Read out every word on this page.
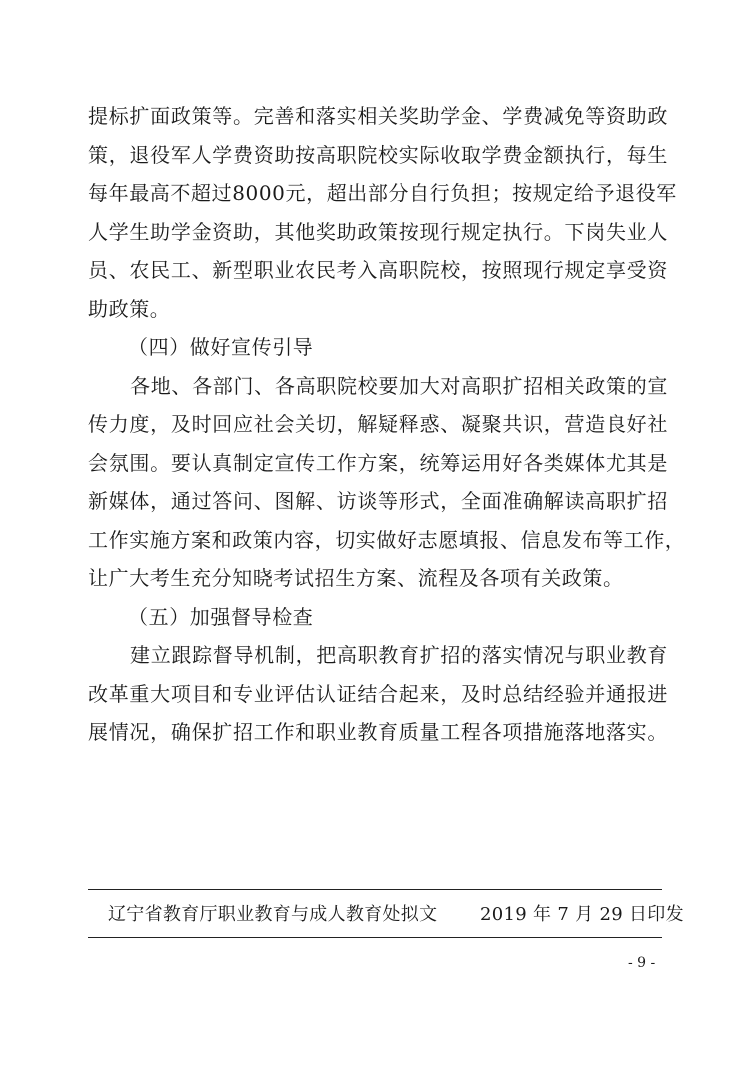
提标扩面政策等。完善和落实相关奖助学金、学费减免等资助政
策，退役军人学费资助按高职院校实际收取学费金额执行，每生
每年最高不超过8000元，超出部分自行负担；按规定给予退役军
人学生助学金资助，其他奖助政策按现行规定执行。下岗失业人
员、农民工、新型职业农民考入高职院校，按照现行规定享受资
助政策。
（四）做好宣传引导
各地、各部门、各高职院校要加大对高职扩招相关政策的宣
传力度，及时回应社会关切，解疑释惑、凝聚共识，营造良好社
会氛围。要认真制定宣传工作方案，统筹运用好各类媒体尤其是
新媒体，通过答问、图解、访谈等形式，全面准确解读高职扩招
工作实施方案和政策内容，切实做好志愿填报、信息发布等工作，
让广大考生充分知晓考试招生方案、流程及各项有关政策。
（五）加强督导检查
建立跟踪督导机制，把高职教育扩招的落实情况与职业教育
改革重大项目和专业评估认证结合起来，及时总结经验并通报进
展情况，确保扩招工作和职业教育质量工程各项措施落地落实。
辽宁省教育厅职业教育与成人教育处拟文 2019 年 7 月 29 日印发
- 9 -
